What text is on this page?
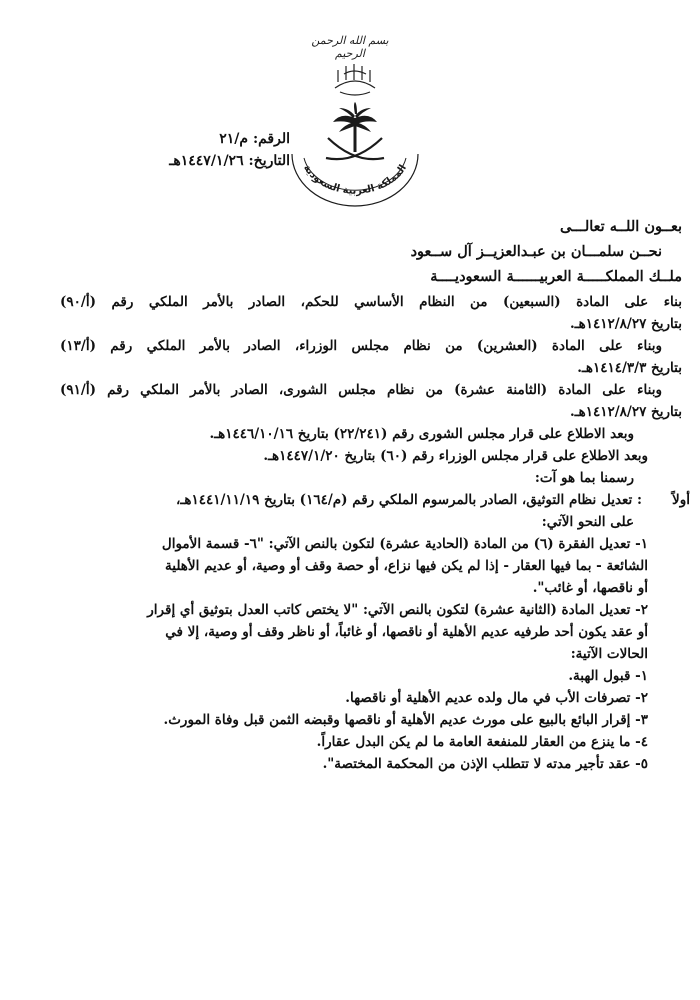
بسم الله الرحمن الرحيم
المملكة العربية السعودية
الرقم: م/٢١
التاريخ: ١٤٤٧/١/٢٦هـ
بعــون اللــه تعالـــى
نحــن سلمـــان بن عبـدالعزيــز آل ســعود
ملــك المملكـــــة العربيــــــة السعوديــــة
بناء على المادة (السبعين) من النظام الأساسي للحكم، الصادر بالأمر الملكي رقم (أ/٩٠)
بتاريخ ١٤١٢/٨/٢٧هـ.
وبناء على المادة (العشرين) من نظام مجلس الوزراء، الصادر بالأمر الملكي رقم (أ/١٣)
بتاريخ ١٤١٤/٣/٣هـ.
وبناء على المادة (الثامنة عشرة) من نظام مجلس الشورى، الصادر بالأمر الملكي رقم (أ/٩١)
بتاريخ ١٤١٢/٨/٢٧هـ.
وبعد الاطلاع على قرار مجلس الشورى رقم (٢٢/٢٤١) بتاريخ ١٤٤٦/١٠/١٦هـ.
وبعد الاطلاع على قرار مجلس الوزراء رقم (٦٠) بتاريخ ١٤٤٧/١/٢٠هـ.
رسمنا بما هو آت:
أولاً
: تعديل نظام التوثيق، الصادر بالمرسوم الملكي رقم (م/١٦٤) بتاريخ ١٤٤١/١١/١٩هـ،
على النحو الآتي:
١- تعديل الفقرة (٦) من المادة (الحادية عشرة) لتكون بالنص الآتي: "٦- قسمة الأموال
الشائعة - بما فيها العقار - إذا لم يكن فيها نزاع، أو حصة وقف أو وصية، أو عديم الأهلية
أو ناقصها، أو غائب".
٢- تعديل المادة (الثانية عشرة) لتكون بالنص الآتي: "لا يختص كاتب العدل بتوثيق أي إقرار
أو عقد يكون أحد طرفيه عديم الأهلية أو ناقصها، أو غائباً، أو ناظر وقف أو وصية، إلا في
الحالات الآتية:
١- قبول الهبة.
٢- تصرفات الأب في مال ولده عديم الأهلية أو ناقصها.
٣- إقرار البائع بالبيع على مورث عديم الأهلية أو ناقصها وقبضه الثمن قبل وفاة المورث.
٤- ما ينزع من العقار للمنفعة العامة ما لم يكن البدل عقاراً.
٥- عقد تأجير مدته لا تتطلب الإذن من المحكمة المختصة".
